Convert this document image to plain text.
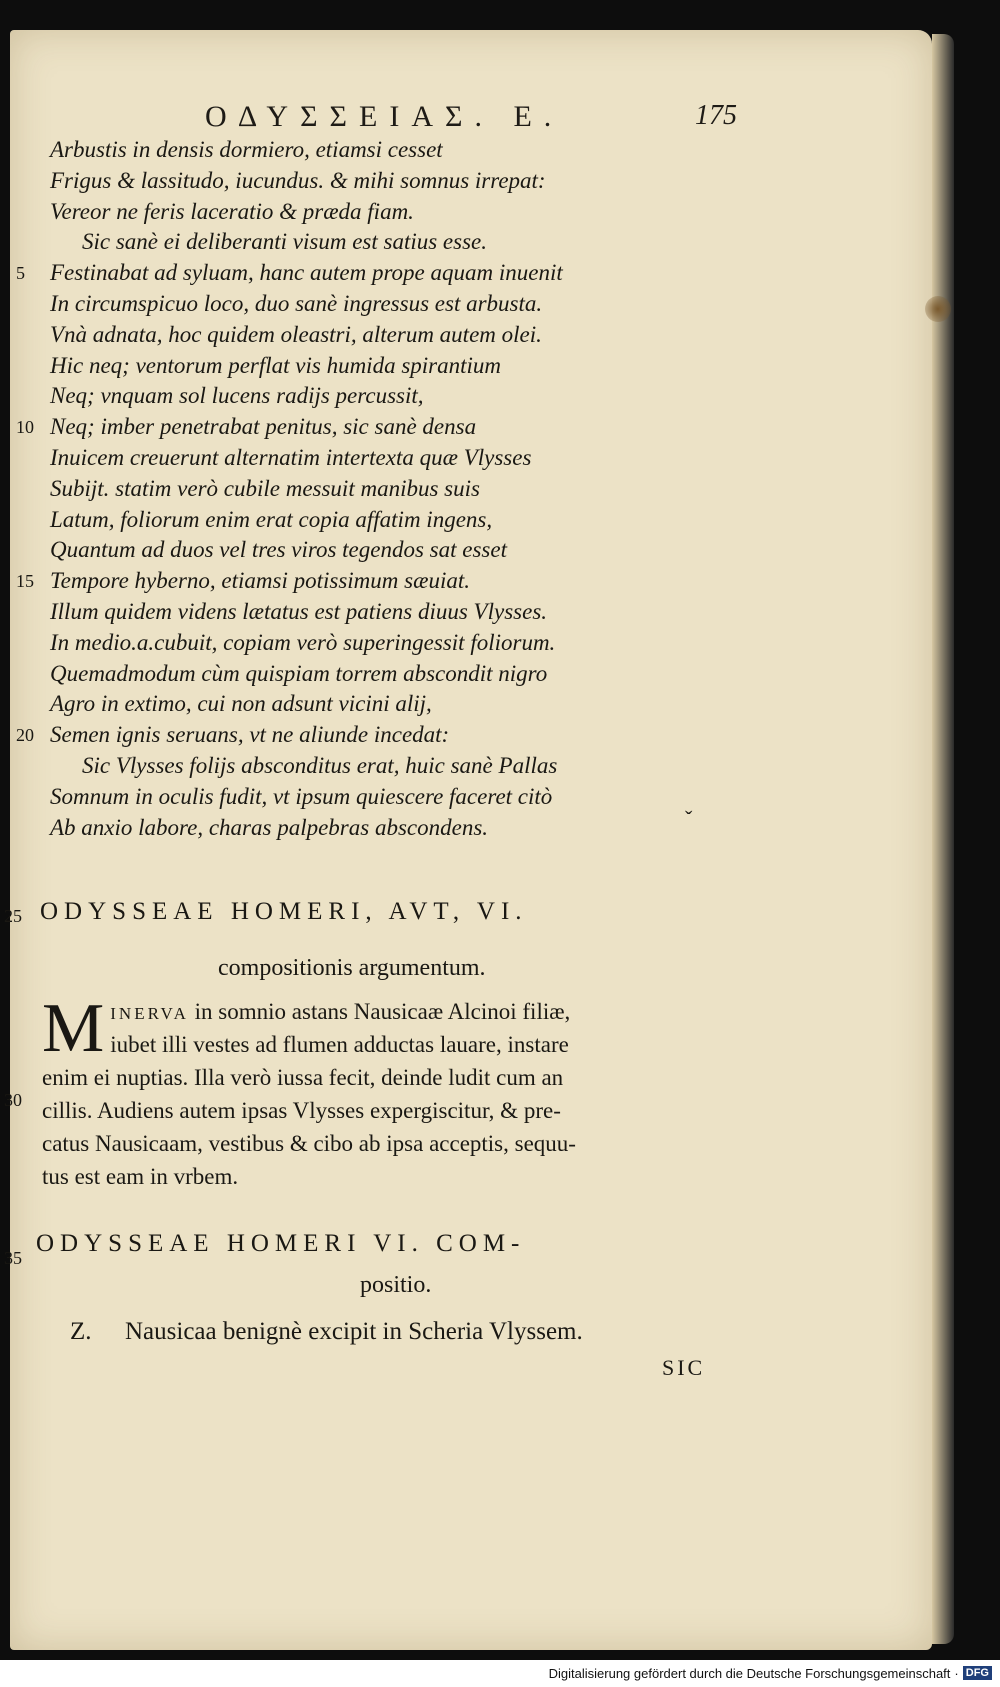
ΟΔΥΣΣΕΙΑΣ. Ε.	175
Arbustis in densis dormiero, etiamsi cesset
Frigus & lassitudo, iucundus. & mihi somnus irrepat:
Vereor ne feris laceratio & præda fiam.
Sic sanè ei deliberanti visum est satius esse.
5 Festinabat ad syluam, hanc autem prope aquam inuenit
In circumspicuo loco, duo sanè ingressus est arbusta.
Vnà adnata, hoc quidem oleastri, alterum autem olei.
Hic neq; ventorum perflat vis humida spirantium
Neq; vnquam sol lucens radijs percussit,
10 Neq; imber penetrabat penitus, sic sanè densa
Inuicem creuerunt alternatim intertexta quæ Vlysses
Subijt. statim verò cubile messuit manibus suis
Latum, foliorum enim erat copia affatim ingens,
Quantum ad duos vel tres viros tegendos sat esset
15 Tempore hyberno, etiamsi potissimum sæuiat.
Illum quidem videns lætatus est patiens diuus Vlysses.
In medio.a.cubuit, copiam verò superingessit foliorum.
Quemadmodum cùm quispiam torrem abscondit nigro
Agro in extimo, cui non adsunt vicini alij,
20 Semen ignis seruans, vt ne aliunde incedat:
Sic Vlysses folijs absconditus erat, huic sanè Pallas
Somnum in oculis fudit, vt ipsum quiescere faceret citò
Ab anxio labore, charas palpebras abscondens.	ˇ
25 ODYSSEAE HOMERI, AVT, VI.
compositionis argumentum.
30
M INERVA in somnio astans Nausicaæ Alcinoi filiæ,
iubet illi vestes ad flumen adductas lauare, instare
enim ei nuptias. Illa verò iussa fecit, deinde ludit cum an
cillis. Audiens autem ipsas Vlysses expergiscitur, & pre-
catus Nausicaam, vestibus & cibo ab ipsa acceptis, sequu-
tus est eam in vrbem.
35
ODYSSEAE HOMERI VI. COM-
positio.
Z. Nausicaa benignè excipit in Scheria Vlyssem.
SIC
Digitalisierung gefördert durch die Deutsche Forschungsgemeinschaft · DFG
